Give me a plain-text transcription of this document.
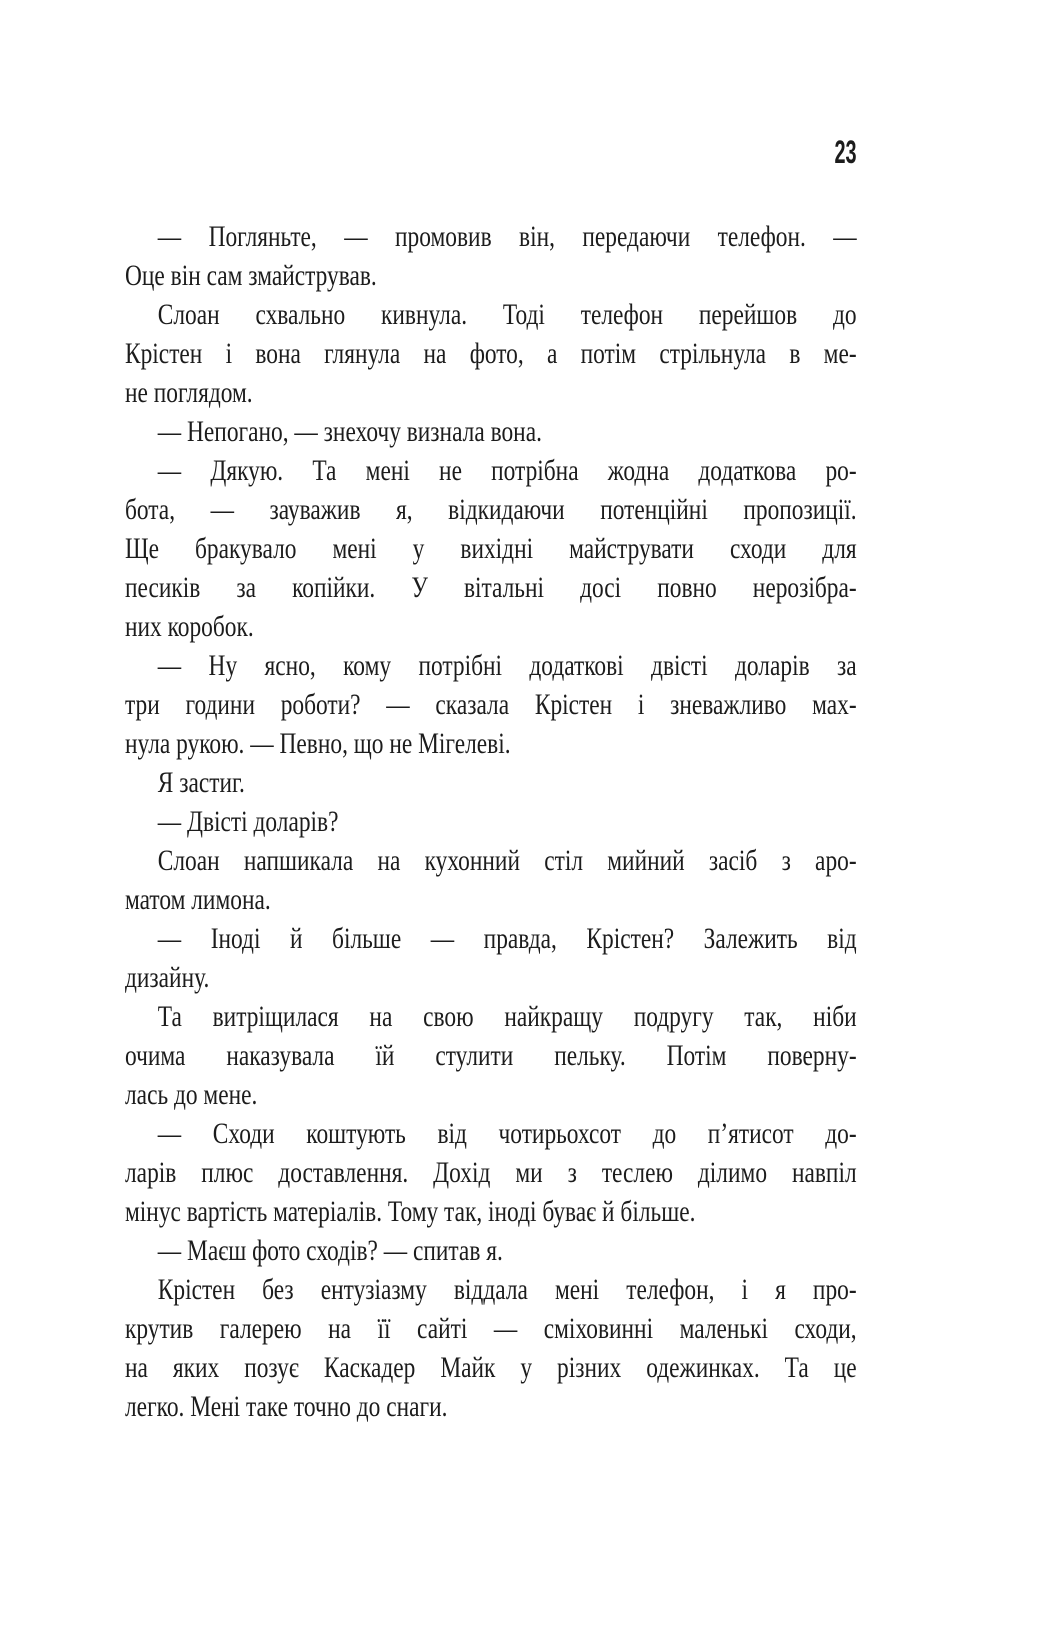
23
— Погляньте, — промовив він, передаючи телефон. —
Оце він сам змайстрував.
Слоан схвально кивнула. Тоді телефон перейшов до
Крістен і вона глянула на фото, а потім стрільнула в ме-
не поглядом.
— Непогано, — знехочу визнала вона.
— Дякую. Та мені не потрібна жодна додаткова ро-
бота, — зауважив я, відкидаючи потенційні пропозиції.
Ще бракувало мені у вихідні майструвати сходи для
песиків за копійки. У вітальні досі повно нерозібра-
них коробок.
— Ну ясно, кому потрібні додаткові двісті доларів за
три години роботи? — сказала Крістен і зневажливо мах-
нула рукою. — Певно, що не Мігелеві.
Я застиг.
— Двісті доларів?
Слоан напшикала на кухонний стіл мийний засіб з аро-
матом лимона.
— Іноді й більше — правда, Крістен? Залежить від
дизайну.
Та витріщилася на свою найкращу подругу так, ніби
очима наказувала їй стулити пельку. Потім поверну-
лась до мене.
— Сходи коштують від чотирьохсот до п’ятисот до-
ларів плюс доставлення. Дохід ми з теслею ділимо навпіл
мінус вартість матеріалів. Тому так, іноді буває й більше.
— Маєш фото сходів? — спитав я.
Крістен без ентузіазму віддала мені телефон, і я про-
крутив галерею на її сайті — сміховинні маленькі сходи,
на яких позує Каскадер Майк у різних одежинках. Та це
легко. Мені таке точно до снаги.
